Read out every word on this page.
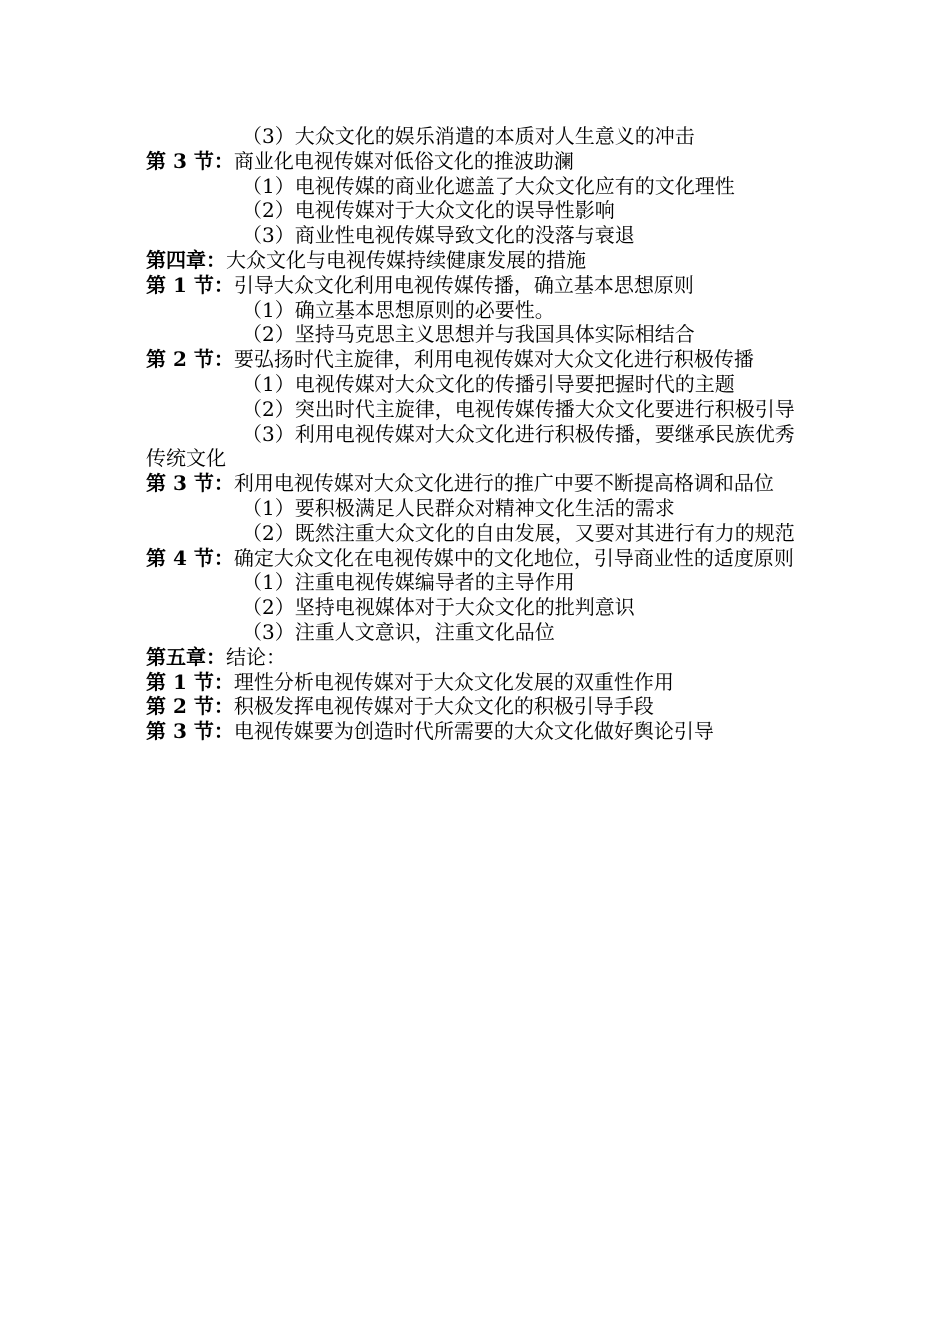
（3）大众文化的娱乐消遣的本质对人生意义的冲击
第 3 节：商业化电视传媒对低俗文化的推波助澜
（1）电视传媒的商业化遮盖了大众文化应有的文化理性
（2）电视传媒对于大众文化的误导性影响
（3）商业性电视传媒导致文化的没落与衰退
第四章：大众文化与电视传媒持续健康发展的措施
第 1 节：引导大众文化利用电视传媒传播，确立基本思想原则
（1）确立基本思想原则的必要性。
（2）坚持马克思主义思想并与我国具体实际相结合
第 2 节：要弘扬时代主旋律，利用电视传媒对大众文化进行积极传播
（1）电视传媒对大众文化的传播引导要把握时代的主题
（2）突出时代主旋律，电视传媒传播大众文化要进行积极引导
（3）利用电视传媒对大众文化进行积极传播，要继承民族优秀传统文化
第 3 节：利用电视传媒对大众文化进行的推广中要不断提高格调和品位
（1）要积极满足人民群众对精神文化生活的需求
（2）既然注重大众文化的自由发展，又要对其进行有力的规范
第 4 节：确定大众文化在电视传媒中的文化地位，引导商业性的适度原则
（1）注重电视传媒编导者的主导作用
（2）坚持电视媒体对于大众文化的批判意识
（3）注重人文意识，注重文化品位
第五章：结论：
第 1 节：理性分析电视传媒对于大众文化发展的双重性作用
第 2 节：积极发挥电视传媒对于大众文化的积极引导手段
第 3 节：电视传媒要为创造时代所需要的大众文化做好舆论引导
